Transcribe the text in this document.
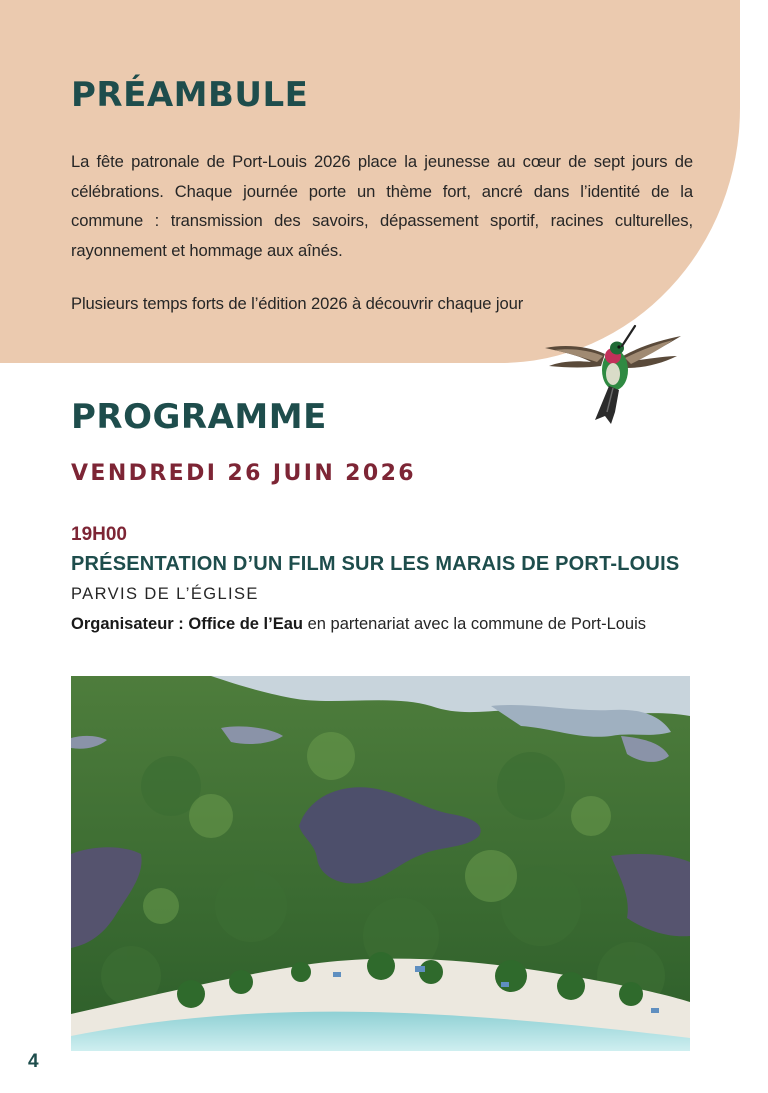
PRÉAMBULE

La fête patronale de Port-Louis 2026 place la jeunesse au cœur de sept jours de célébrations. Chaque journée porte un thème fort, ancré dans l’identité de la commune : transmission des savoirs, dépassement sportif, racines culturelles, rayonnement et hommage aux aînés.

Plusieurs temps forts de l’édition 2026 à découvrir chaque jour

PROGRAMME
VENDREDI 26 JUIN 2026

19H00

PRÉSENTATION D’UN FILM SUR LES MARAIS DE PORT-LOUIS

PARVIS DE L’ÉGLISE

Organisateur : Office de l’Eau en partenariat avec la commune de Port-Louis

4
